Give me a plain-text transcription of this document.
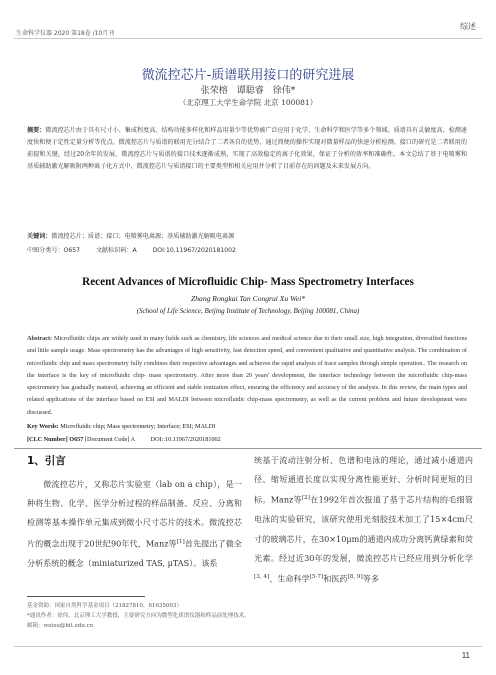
生命科学仪器 2020 第18卷 /10月刊
综述
微流控芯片-质谱联用接口的研究进展
张荣榕　谭聪睿　徐伟*
（北京理工大学生命学院 北京 100081）
摘要：微流控芯片由于具有尺寸小、集成程度高、结构功能多样化和样品用量少等优势被广泛应用于化学、生命科学和医学等多个领域。质谱具有灵敏度高、检测速度快和便于定性定量分析等优点。微流控芯片与质谱的联用充分结合了二者各自的优势，通过简便的操作实现对微量样品的快速分析检测。接口的研究是二者联用的前提和关键，经过20余年的发展，微流控芯片与质谱的接口技术逐渐成熟，实现了高效稳定的离子化效果，保证了分析的效率和准确性。本文总结了基于电喷雾和基质辅助激光解吸附两种离子化方式中，微流控芯片与质谱接口的主要类型和相关应用并分析了目前存在的问题及未来发展方向。
关键词：微流控芯片；质谱；接口；电喷雾电离源；基质辅助激光解吸电离源
中图分类号：O657	文献标识码：A	DOI:10.11967/2020181002
Recent Advances of Microfluidic Chip- Mass Spectrometry Interfaces
Zhang Rongkai Tan Congrui Xu Wei*
(School of Life Science, Beijing Institute of Technology, Beijing 100081, China)
Abstract: Microfluidic chips are widely used in many fields such as chemistry, life sciences and medical science due to their small size, high integration, diversified functions and little sample usage. Mass spectrometry has the advantages of high sensitivity, fast detection speed, and convenient qualitative and quantitative analysis. The combination of microfluidic chip and mass spectrometry fully combines their respective advantages and achieves the rapid analysis of trace samples through simple operation.. The research on the interface is the key of microfluidic chip- mass spectrometry. After more than 20 years' development, the interface technology between the microfluidic chip-mass spectrometry has gradually matured, achieving an efficient and stable ionization effect, ensuring the efficiency and accuracy of the analysis. In this review, the main types and related applications of the interface based on ESI and MALDI between microfluidic chip-mass spectrometry, as well as the current problem and future development were discussed.
Key Words: Microfluidic chip; Mass spectrometry; Interface; ESI; MALDI
[CLC Number] O657 [Document Code] A	DOI::10.11967/2020181002
1、引言

微流控芯片，又称芯片实验室（lab on a chip），是一种将生物、化学、医学分析过程的样品制备、反应、分离和检测等基本操作单元集成到微小尺寸芯片的技术。微流控芯片的概念出现于20世纪90年代，Manz等[1]首先提出了微全分析系统的概念（miniaturized TAS, μTAS）。该系

统基于流动注射分析、色谱和电泳的理论，通过减小通道内径、缩短通道长度以实现分离性能更好、分析时间更短的目标。Manz等[2]在1992年首次报道了基于芯片结构的毛细管电泳的实验研究，该研究使用光刻胶技术加工了15×4cm尺寸的玻璃芯片，在30×10μm的通道内成功分离钙黄绿素和荧光素。经过近30年的发展，微流控芯片已经应用到分析化学[3, 4]、生命科学[5-7]和医药[8, 9]等多

基金资助：国家自然科学基金项目（21827810，61635003）
*通讯作者：徐伟，北京理工大学教授，主要研究方向为微型化质谱仪器和样品前处理技术。
邮箱：weixu@bit.edu.cn
11
